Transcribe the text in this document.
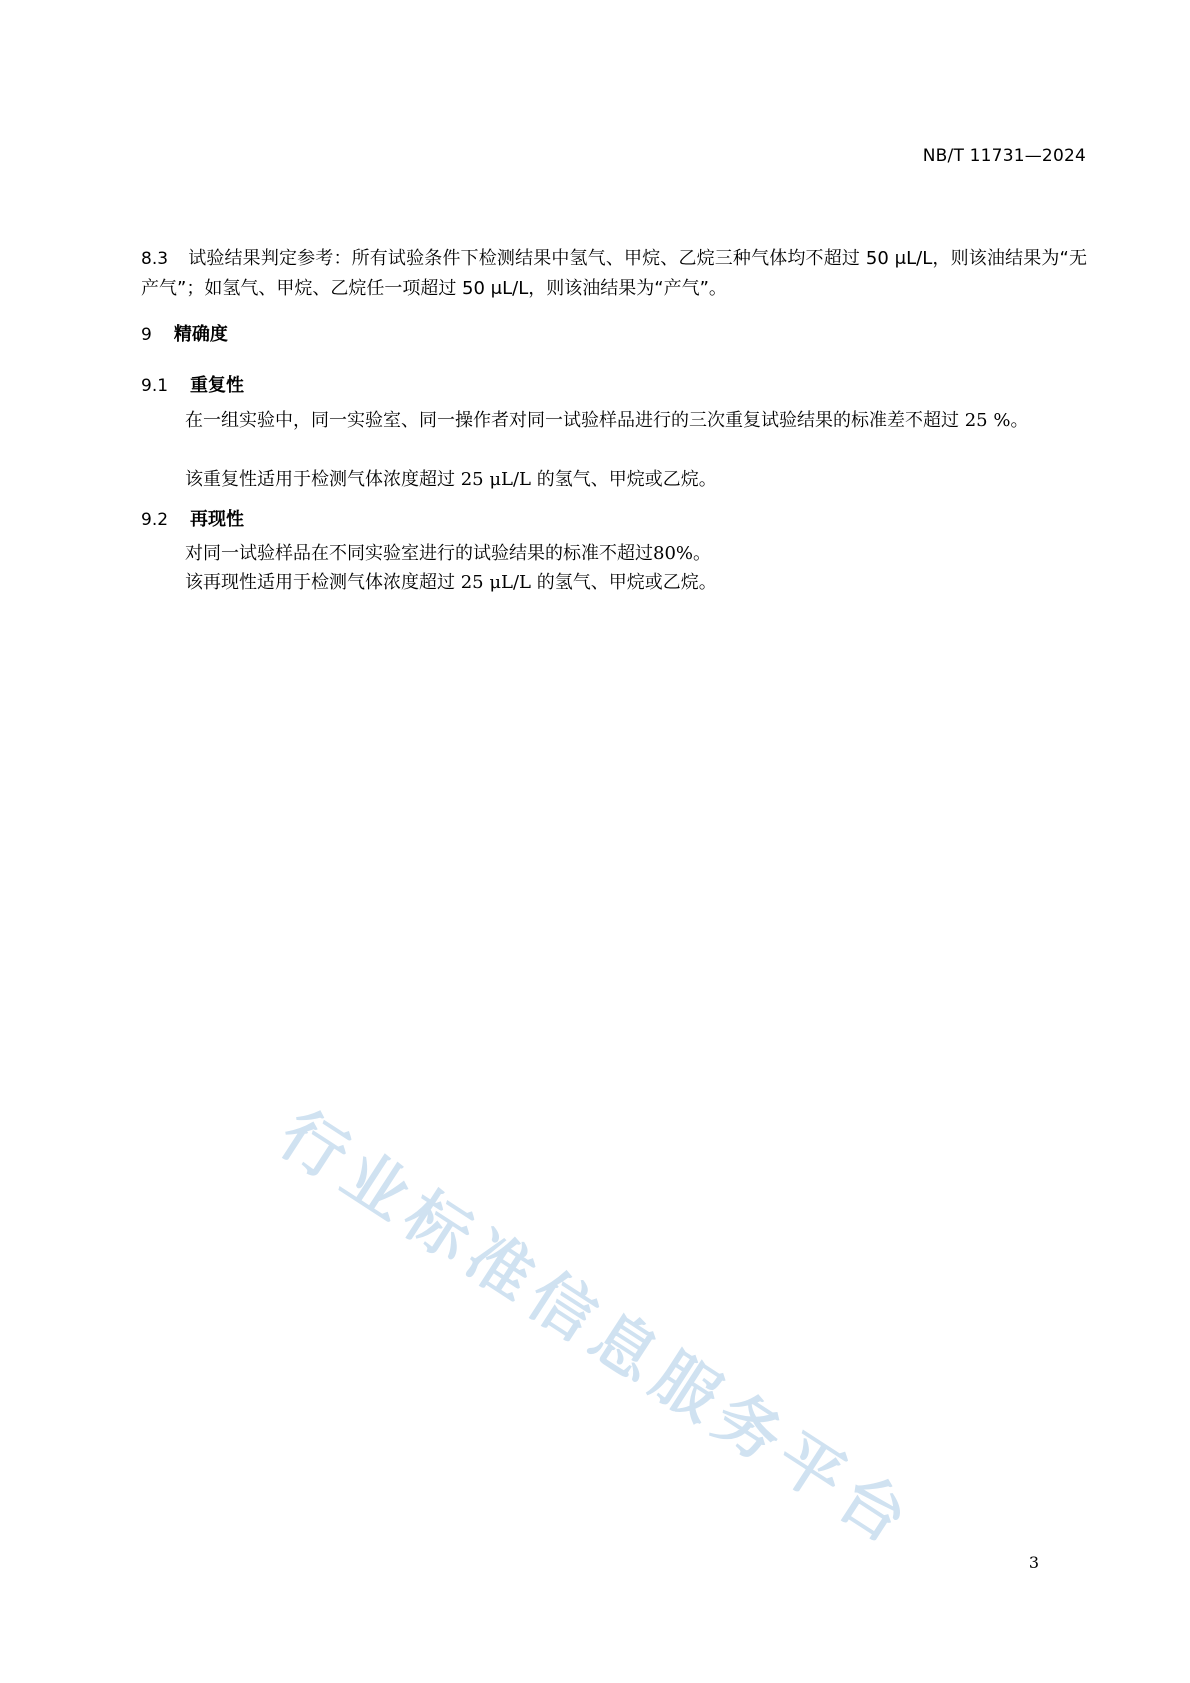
NB/T 11731—2024
8.3 试验结果判定参考：所有试验条件下检测结果中氢气、甲烷、乙烷三种气体均不超过 50 μL/L，则该油结果为“无产气”；如氢气、甲烷、乙烷任一项超过 50 μL/L，则该油结果为“产气”。
9 精确度
9.1 重复性
在一组实验中，同一实验室、同一操作者对同一试验样品进行的三次重复试验结果的标准差不超过 25 %。
该重复性适用于检测气体浓度超过 25 μL/L 的氢气、甲烷或乙烷。
9.2 再现性
对同一试验样品在不同实验室进行的试验结果的标准不超过80%。
该再现性适用于检测气体浓度超过 25 μL/L 的氢气、甲烷或乙烷。
行业标准信息服务平台	3
